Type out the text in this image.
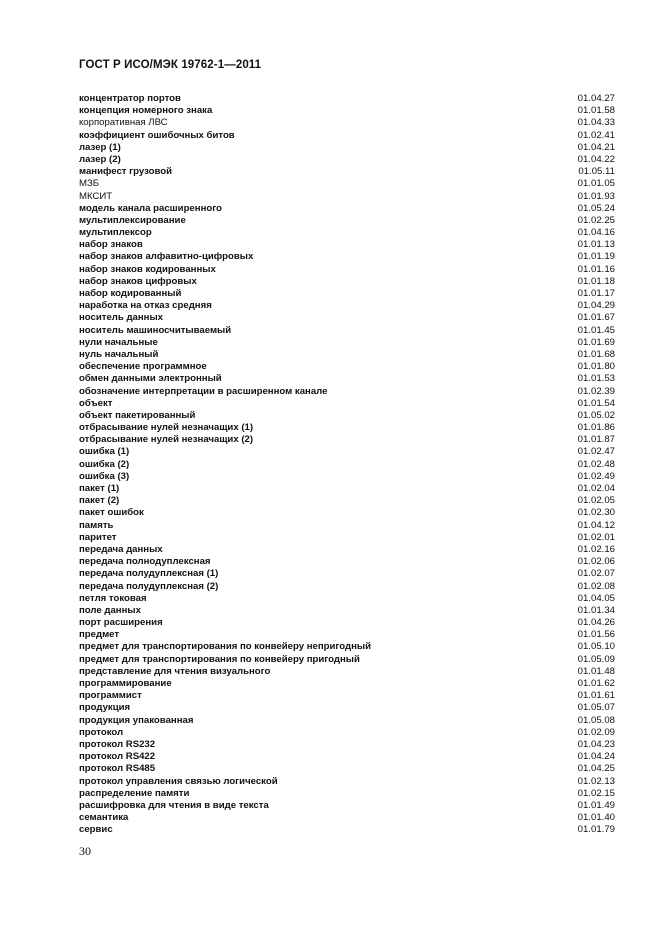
ГОСТ Р ИСО/МЭК 19762-1—2011
концентратор портов	01.04.27
концепция номерного знака	01.01.58
корпоративная ЛВС	01.04.33
коэффициент ошибочных битов	01.02.41
лазер (1)	01.04.21
лазер (2)	01.04.22
манифест грузовой	01.05.11
МЗБ	01.01.05
МКСИТ	01.01.93
модель канала расширенного	01.05.24
мультиплексирование	01.02.25
мультиплексор	01.04.16
набор знаков	01.01.13
набор знаков алфавитно-цифровых	01.01.19
набор знаков кодированных	01.01.16
набор знаков цифровых	01.01.18
набор кодированный	01.01.17
наработка на отказ средняя	01.04.29
носитель данных	01.01.67
носитель машиносчитываемый	01.01.45
нули начальные	01.01.69
нуль начальный	01.01.68
обеспечение программное	01.01.80
обмен данными электронный	01.01.53
обозначение интерпретации в расширенном канале	01.02.39
объект	01.01.54
объект пакетированный	01.05.02
отбрасывание нулей незначащих (1)	01.01.86
отбрасывание нулей незначащих (2)	01.01.87
ошибка (1)	01.02.47
ошибка (2)	01.02.48
ошибка (3)	01.02.49
пакет (1)	01.02.04
пакет (2)	01.02.05
пакет ошибок	01.02.30
память	01.04.12
паритет	01.02.01
передача данных	01.02.16
передача полнодуплексная	01.02.06
передача полудуплексная (1)	01.02.07
передача полудуплексная (2)	01.02.08
петля токовая	01.04.05
поле данных	01.01.34
порт расширения	01.04.26
предмет	01.01.56
предмет для транспортирования по конвейеру непригодный	01.05.10
предмет для транспортирования по конвейеру пригодный	01.05.09
представление для чтения визуального	01.01.48
программирование	01.01.62
программист	01.01.61
продукция	01.05.07
продукция упакованная	01.05.08
протокол	01.02.09
протокол RS232	01.04.23
протокол RS422	01.04.24
протокол RS485	01.04.25
протокол управления связью логической	01.02.13
распределение памяти	01.02.15
расшифровка для чтения в виде текста	01.01.49
семантика	01.01.40
сервис	01.01.79
30
